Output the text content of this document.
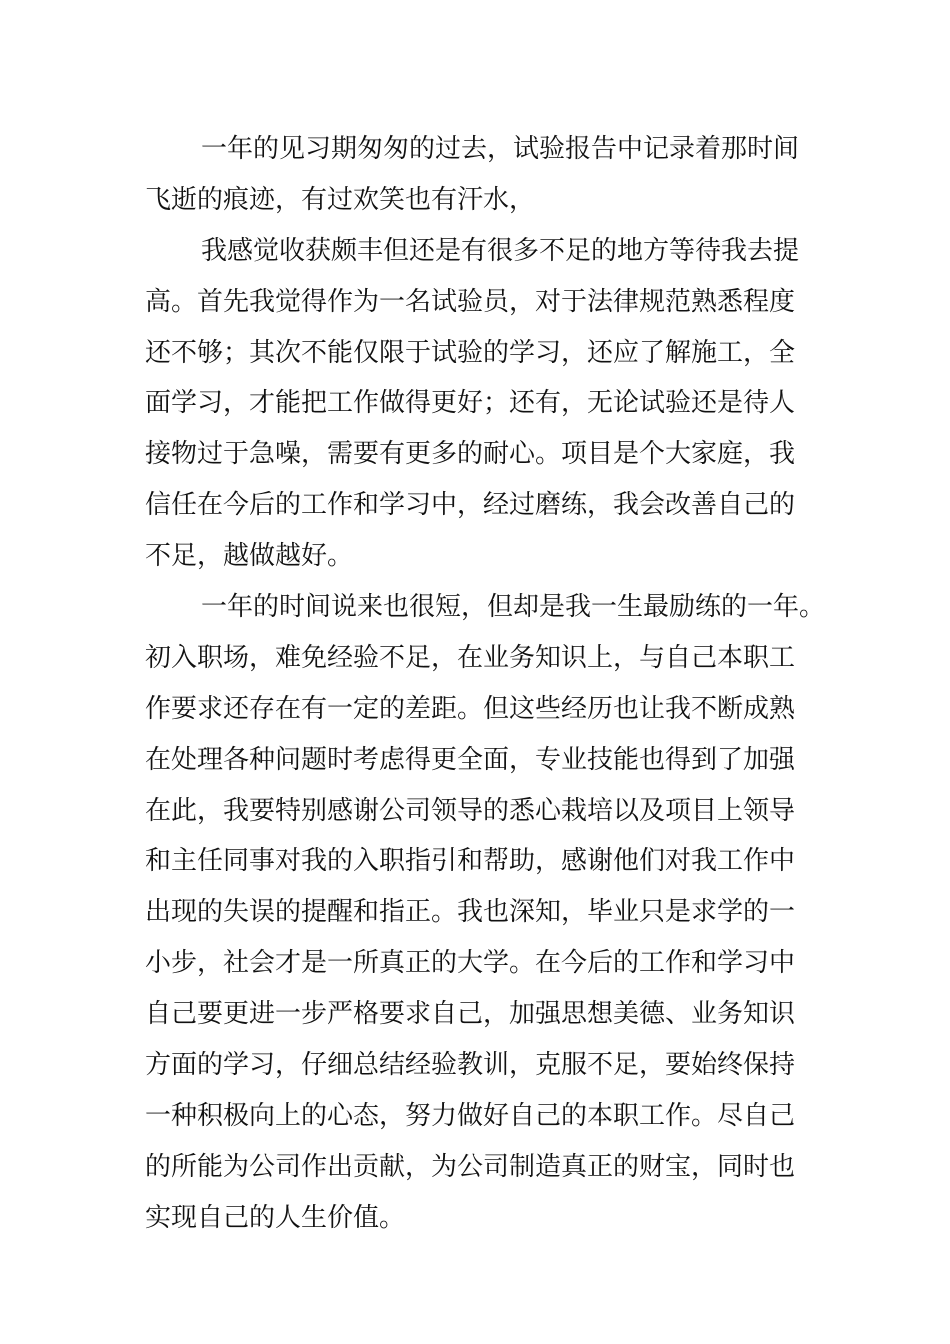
一年的见习期匆匆的过去，试验报告中记录着那时间
飞逝的痕迹，有过欢笑也有汗水，
我感觉收获颇丰但还是有很多不足的地方等待我去提
高。首先我觉得作为一名试验员，对于法律规范熟悉程度
还不够；其次不能仅限于试验的学习，还应了解施工，全
面学习，才能把工作做得更好；还有，无论试验还是待人
接物过于急噪，需要有更多的耐心。项目是个大家庭，我
信任在今后的工作和学习中，经过磨练，我会改善自己的
不足，越做越好。
一年的时间说来也很短，但却是我一生最励练的一年。
初入职场，难免经验不足，在业务知识上，与自己本职工
作要求还存在有一定的差距。但这些经历也让我不断成熟
在处理各种问题时考虑得更全面，专业技能也得到了加强
在此，我要特别感谢公司领导的悉心栽培以及项目上领导
和主任同事对我的入职指引和帮助，感谢他们对我工作中
出现的失误的提醒和指正。我也深知，毕业只是求学的一
小步，社会才是一所真正的大学。在今后的工作和学习中
自己要更进一步严格要求自己，加强思想美德、业务知识
方面的学习，仔细总结经验教训，克服不足，要始终保持
一种积极向上的心态，努力做好自己的本职工作。尽自己
的所能为公司作出贡献，为公司制造真正的财宝，同时也
实现自己的人生价值。
